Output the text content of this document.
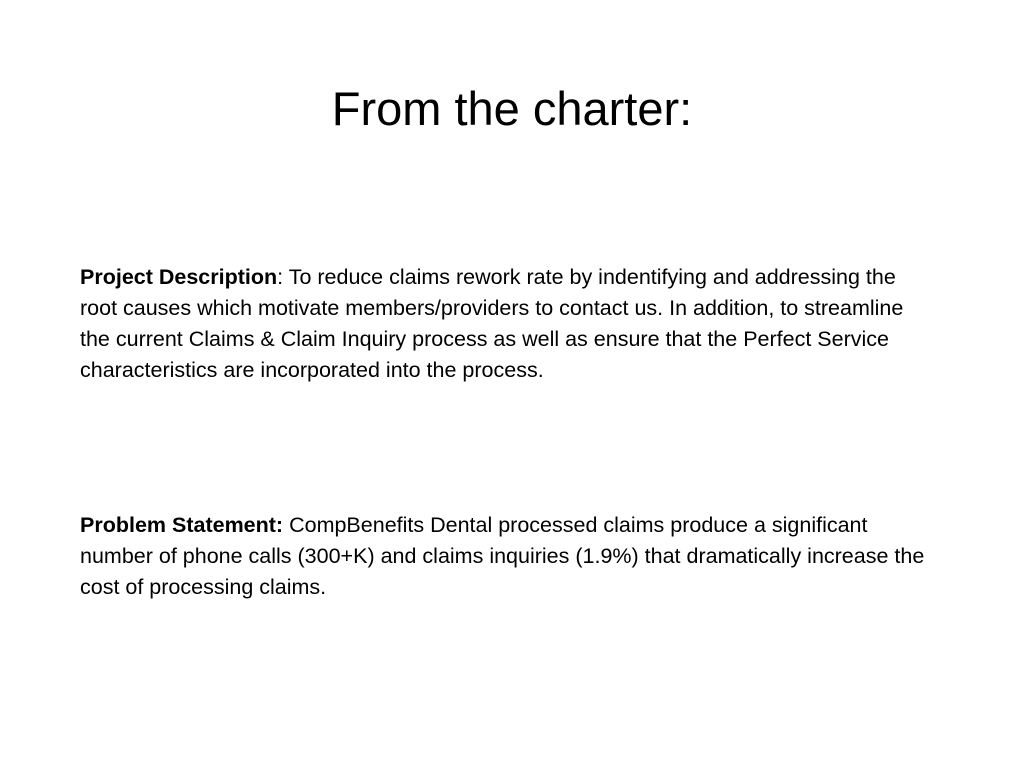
From the charter:

Project Description: To reduce claims rework rate by indentifying and addressing the root causes which motivate members/providers to contact us. In addition, to streamline the current Claims & Claim Inquiry process as well as ensure that the Perfect Service characteristics are incorporated into the process.

Problem Statement: CompBenefits Dental processed claims produce a significant number of phone calls (300+K) and claims inquiries (1.9%) that dramatically increase the cost of processing claims.
